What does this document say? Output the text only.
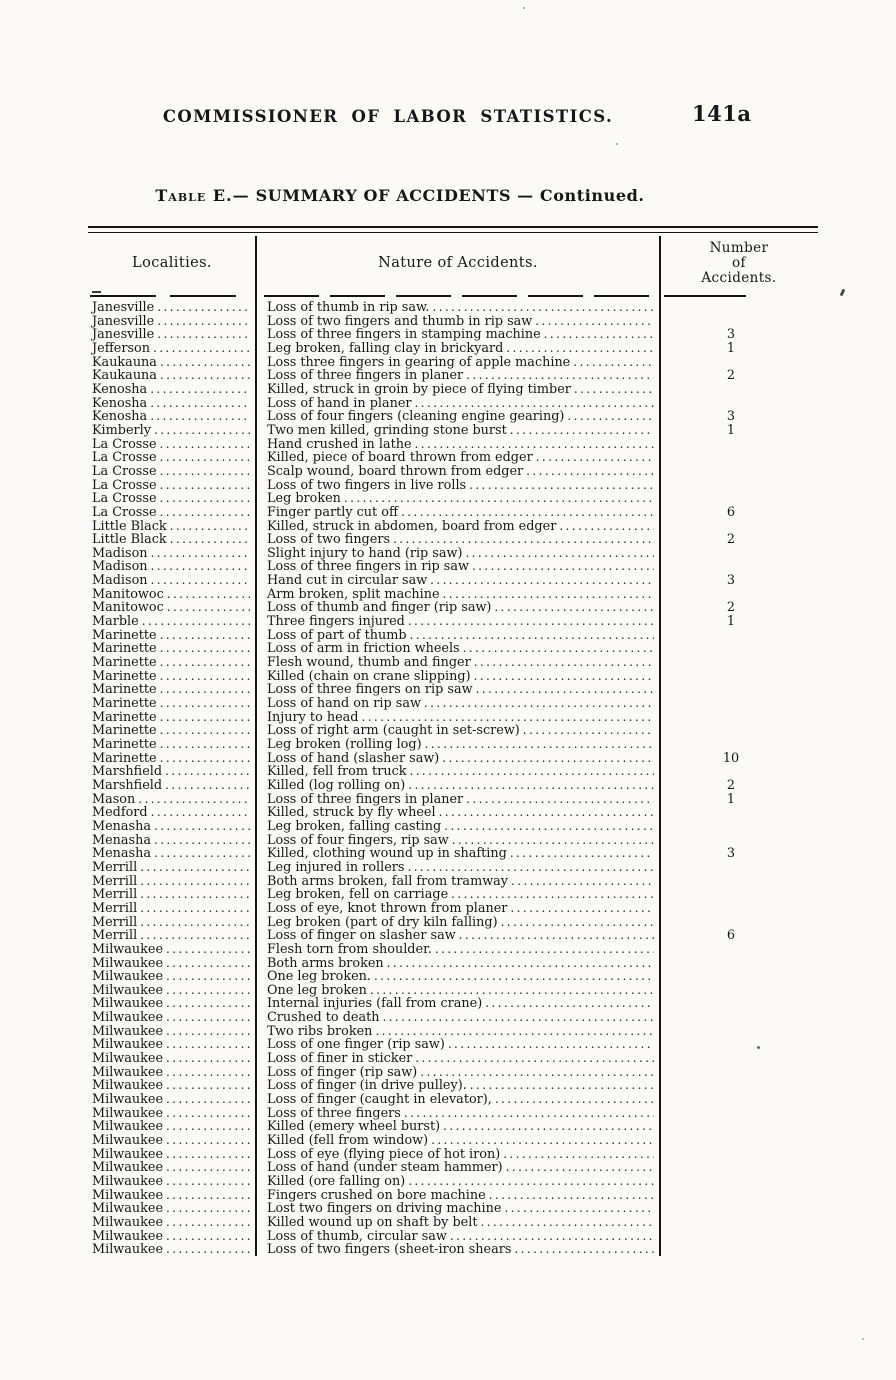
COMMISSIONER OF LABOR STATISTICS.	141a
Table E.— SUMMARY OF ACCIDENTS — Continued.
Localities.	Nature of Accidents.
Number
of
Accidents.
Janesville .....	Loss of thumb in rip saw.
.....
Janesville .....	Loss of two fingers and thumb in rip saw
.....
Janesville .....	Loss of three fingers in stamping machine .....	3
Jefferson .....	Leg broken, falling clay in brickyard .....	1
Kaukauna .....	Loss three fingers in gearing of apple machine
.....
Kaukauna .....	Loss of three fingers in planer .....	2
Kenosha .....	Killed, struck in groin by piece of flying timber
.....
Kenosha .....	Loss of hand in planer
.....
Kenosha .....	Loss of four fingers (cleaning engine gearing) .....	3
Kimberly .....	Two men killed, grinding stone burst .....	1
La Crosse .....	Hand crushed in lathe
.....
La Crosse .....	Killed, piece of board thrown from edger
.....
La Crosse .....	Scalp wound, board thrown from edger
.....
La Crosse .....	Loss of two fingers in live rolls
.....
La Crosse .....	Leg broken
.....
La Crosse .....	Finger partly cut off .....	6
Little Black .....	Killed, struck in abdomen, board from edger
.....
Little Black .....	Loss of two fingers .....	2
Madison .....	Slight injury to hand (rip saw)
.....
Madison .....	Loss of three fingers in rip saw
.....
Madison .....	Hand cut in circular saw .....	3
Manitowoc .....	Arm broken, split machine
.....
Manitowoc .....	Loss of thumb and finger (rip saw) .....	2
Marble .....	Three fingers injured .....	1
Marinette .....	Loss of part of thumb
.....
Marinette .....	Loss of arm in friction wheels
.....
Marinette .....	Flesh wound, thumb and finger
.....
Marinette .....	Killed (chain on crane slipping)
.....
Marinette .....	Loss of three fingers on rip saw
.....
Marinette .....	Loss of hand on rip saw
.....
Marinette .....	Injury to head
.....
Marinette .....	Loss of right arm (caught in set-screw)
.....
Marinette .....	Leg broken (rolling log)
.....
Marinette .....	Loss of hand (slasher saw) .....	10
Marshfield .....	Killed, fell from truck
.....
Marshfield .....	Killed (log rolling on) .....	2
Mason .....	Loss of three fingers in planer .....	1
Medford .....	Killed, struck by fly wheel
.....
Menasha .....	Leg broken, falling casting
.....
Menasha .....	Loss of four fingers, rip saw
.....
Menasha .....	Killed, clothing wound up in shafting .....	3
Merrill .....	Leg injured in rollers
.....
Merrill .....	Both arms broken, fall from tramway
.....
Merrill .....	Leg broken, fell on carriage
.....
Merrill .....	Loss of eye, knot thrown from planer
.....
Merrill .....	Leg broken (part of dry kiln falling)
.....
Merrill .....	Loss of finger on slasher saw .....	6
Milwaukee .....	Flesh torn from shoulder.
.....
Milwaukee .....	Both arms broken
.....
Milwaukee .....	One leg broken.
.....
Milwaukee .....	One leg broken
.....
Milwaukee .....	Internal injuries (fall from crane)
.....
Milwaukee .....	Crushed to death
.....
Milwaukee .....	Two ribs broken
.....
Milwaukee .....	Loss of one finger (rip saw)
.....
Milwaukee .....	Loss of finer in sticker
.....
Milwaukee .....	Loss of finger (rip saw)
.....
Milwaukee .....	Loss of finger (in drive pulley).
.....
Milwaukee .....	Loss of finger (caught in elevator),
.....
Milwaukee .....	Loss of three fingers
.....
Milwaukee .....	Killed (emery wheel burst)
.....
Milwaukee .....	Killed (fell from window)
.....
Milwaukee .....	Loss of eye (flying piece of hot iron)
.....
Milwaukee .....	Loss of hand (under steam hammer)
.....
Milwaukee .....	Killed (ore falling on)
.....
Milwaukee .....	Fingers crushed on bore machine
.....
Milwaukee .....	Lost two fingers on driving machine
.....
Milwaukee .....	Killed wound up on shaft by belt
.....
Milwaukee .....	Loss of thumb, circular saw
.....
Milwaukee .....	Loss of two fingers (sheet-iron shears
.....
